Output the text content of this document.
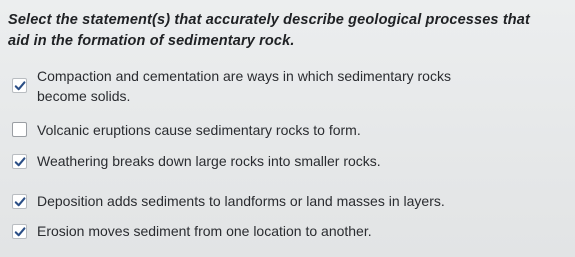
Select the statement(s) that accurately describe geological processes that
aid in the formation of sedimentary rock.
Compaction and cementation are ways in which sedimentary rocks
become solids.
Volcanic eruptions cause sedimentary rocks to form.
Weathering breaks down large rocks into smaller rocks.
Deposition adds sediments to landforms or land masses in layers.
Erosion moves sediment from one location to another.
